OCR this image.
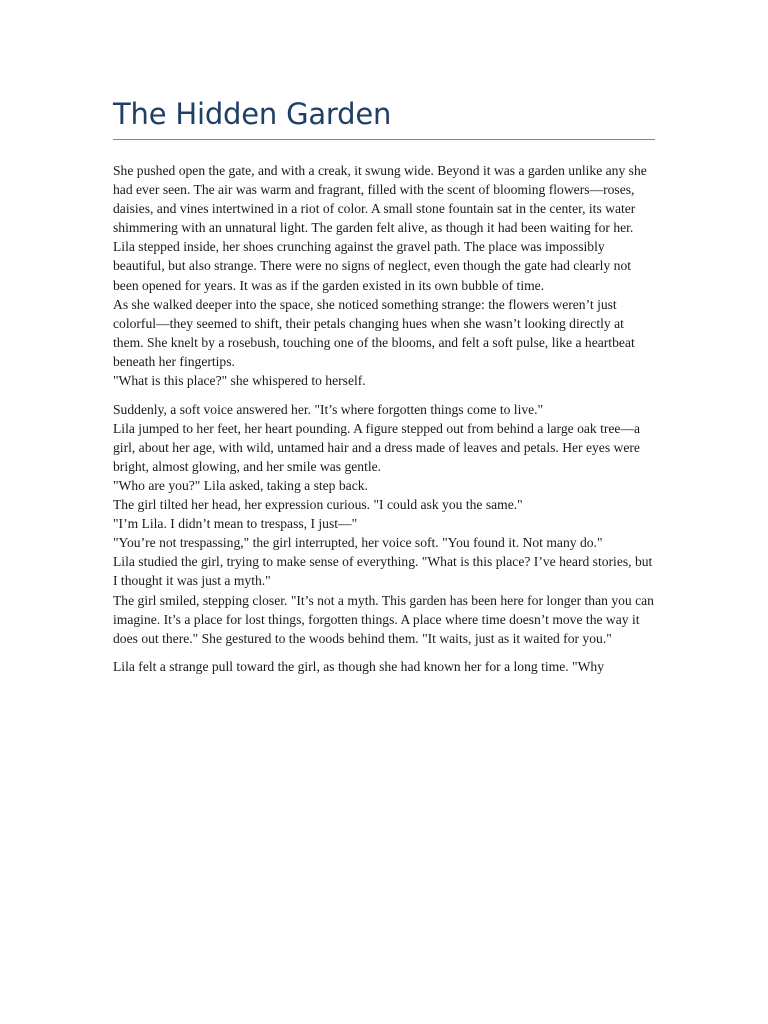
The Hidden Garden

She pushed open the gate, and with a creak, it swung wide. Beyond it was a garden unlike any she had ever seen. The air was warm and fragrant, filled with the scent of blooming flowers—roses, daisies, and vines intertwined in a riot of color. A small stone fountain sat in the center, its water shimmering with an unnatural light. The garden felt alive, as though it had been waiting for her.

Lila stepped inside, her shoes crunching against the gravel path. The place was impossibly beautiful, but also strange. There were no signs of neglect, even though the gate had clearly not been opened for years. It was as if the garden existed in its own bubble of time.

As she walked deeper into the space, she noticed something strange: the flowers weren’t just colorful—they seemed to shift, their petals changing hues when she wasn’t looking directly at them. She knelt by a rosebush, touching one of the blooms, and felt a soft pulse, like a heartbeat beneath her fingertips.

"What is this place?" she whispered to herself.

Suddenly, a soft voice answered her. "It’s where forgotten things come to live."

Lila jumped to her feet, her heart pounding. A figure stepped out from behind a large oak tree—a girl, about her age, with wild, untamed hair and a dress made of leaves and petals. Her eyes were bright, almost glowing, and her smile was gentle.

"Who are you?" Lila asked, taking a step back.

The girl tilted her head, her expression curious. "I could ask you the same."

"I’m Lila. I didn’t mean to trespass, I just—"

"You’re not trespassing," the girl interrupted, her voice soft. "You found it. Not many do."

Lila studied the girl, trying to make sense of everything. "What is this place? I’ve heard stories, but I thought it was just a myth."

The girl smiled, stepping closer. "It’s not a myth. This garden has been here for longer than you can imagine. It’s a place for lost things, forgotten things. A place where time doesn’t move the way it does out there." She gestured to the woods behind them. "It waits, just as it waited for you."

Lila felt a strange pull toward the girl, as though she had known her for a long time. "Why
